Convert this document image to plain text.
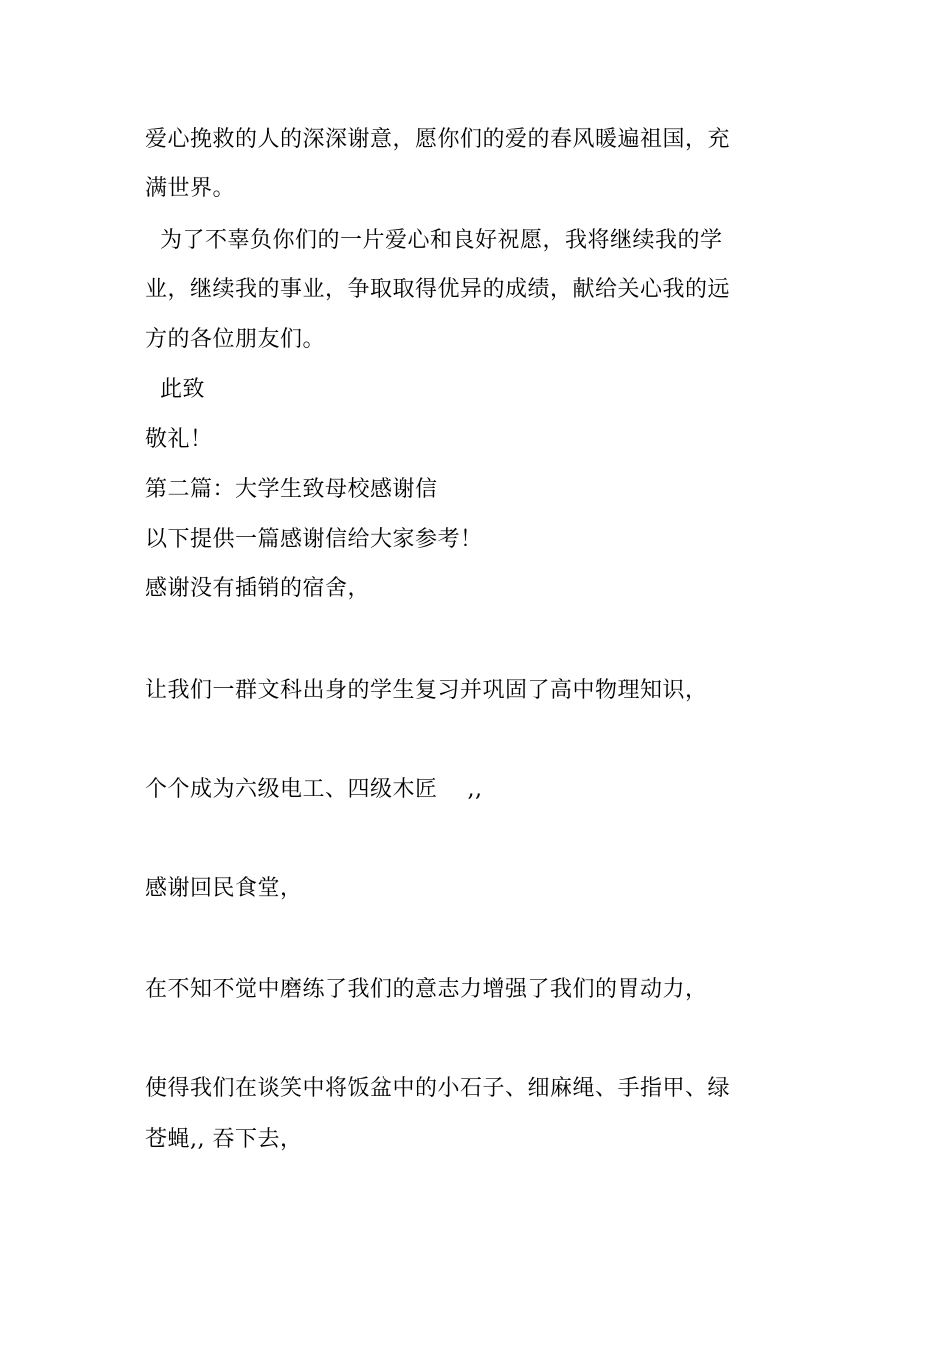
爱心挽救的人的深深谢意，愿你们的爱的春风暖遍祖国，充
满世界。
为了不辜负你们的一片爱心和良好祝愿，我将继续我的学
业，继续我的事业，争取取得优异的成绩，献给关心我的远
方的各位朋友们。
此致
敬礼！
第二篇：大学生致母校感谢信
以下提供一篇感谢信给大家参考！
感谢没有插销的宿舍，
让我们一群文科出身的学生复习并巩固了高中物理知识，
个个成为六级电工、四级木匠    ,,
感谢回民食堂，
在不知不觉中磨练了我们的意志力增强了我们的胃动力，
使得我们在谈笑中将饭盆中的小石子、细麻绳、手指甲、绿
苍蝇,, 吞下去，
